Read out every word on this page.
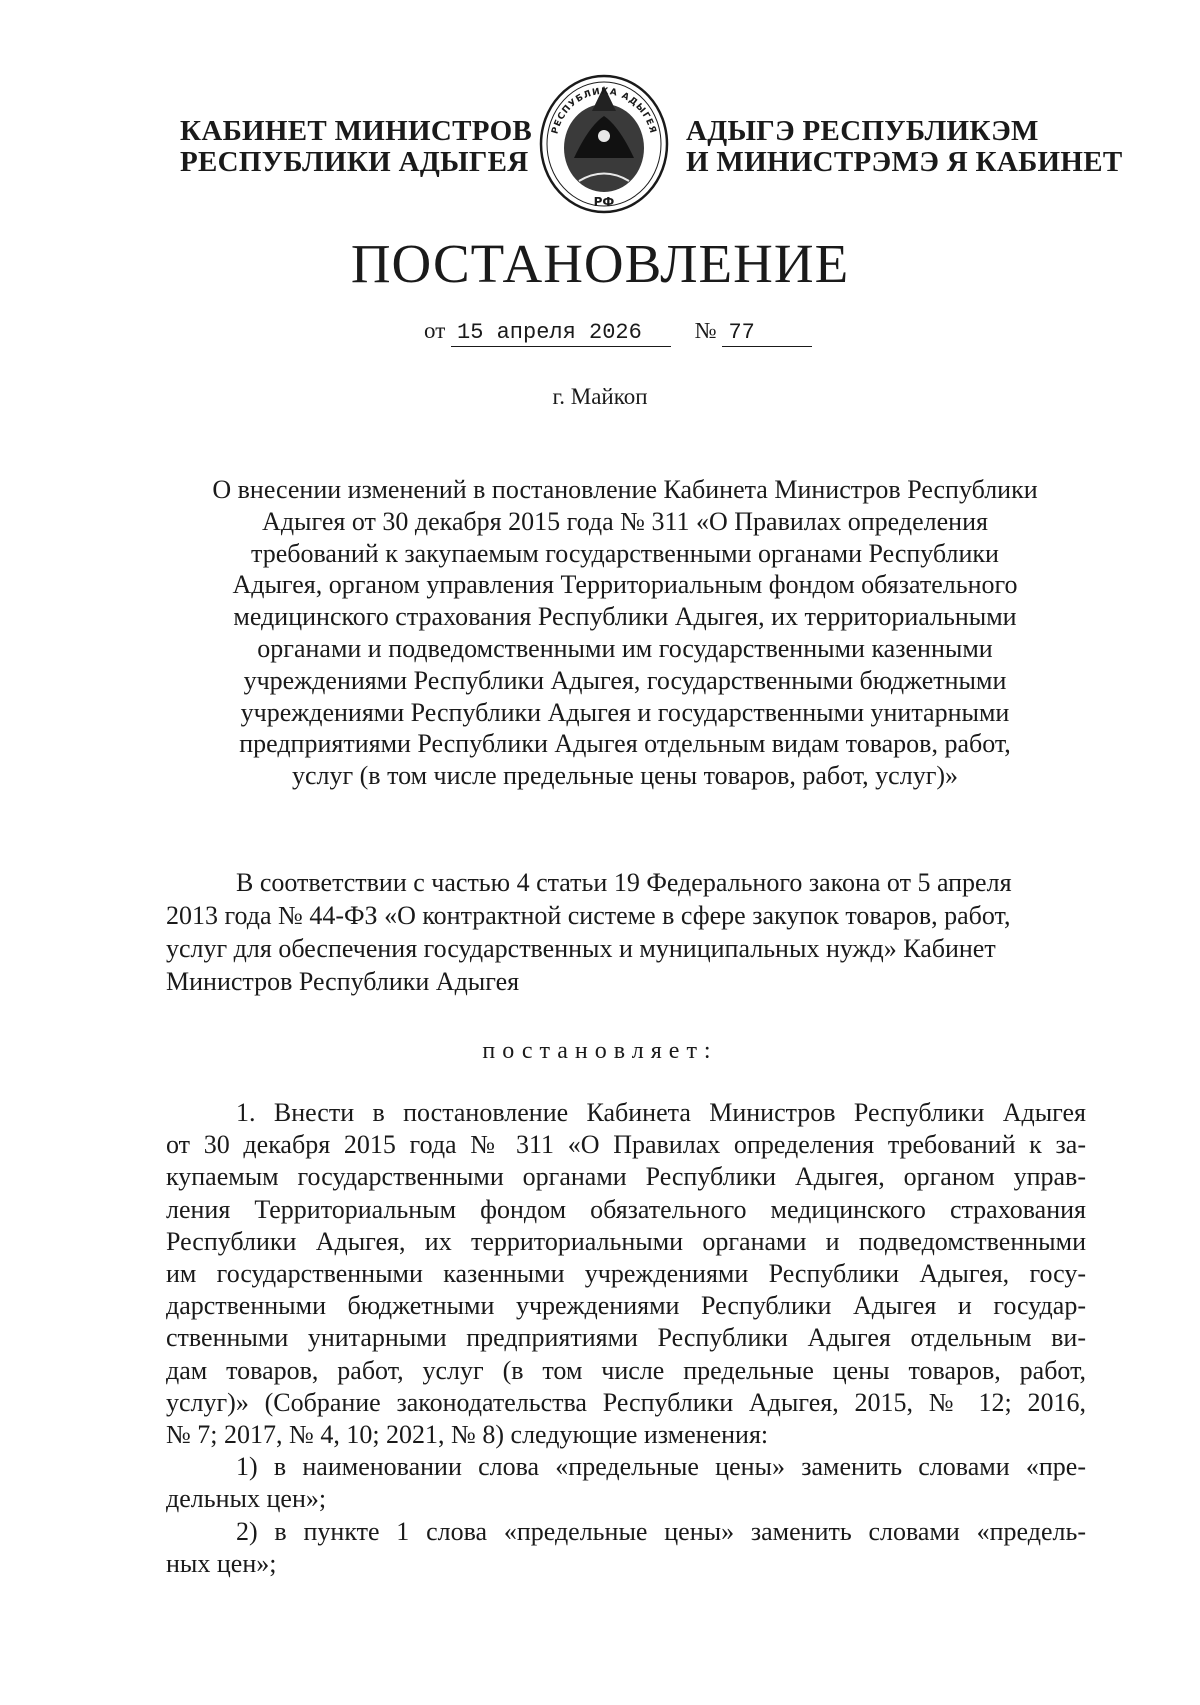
КАБИНЕТ МИНИСТРОВ
РЕСПУБЛИКИ АДЫГЕЯ
РЕСПУБЛИКА АДЫГЕЯ
РФ
АДЫГЭ РЕСПУБЛИКЭМ
И МИНИСТРЭМЭ Я КАБИНЕТ
ПОСТАНОВЛЕНИЕ
от 15 апреля 2026 № 77
г. Майкоп
О внесении изменений в постановление Кабинета Министров Республики
Адыгея от 30 декабря 2015 года № 311 «О Правилах определения
требований к закупаемым государственными органами Республики
Адыгея, органом управления Территориальным фондом обязательного
медицинского страхования Республики Адыгея, их территориальными
органами и подведомственными им государственными казенными
учреждениями Республики Адыгея, государственными бюджетными
учреждениями Республики Адыгея и государственными унитарными
предприятиями Республики Адыгея отдельным видам товаров, работ,
услуг (в том числе предельные цены товаров, работ, услуг)»
В соответствии с частью 4 статьи 19 Федерального закона от 5 апреля
2013 года № 44-ФЗ «О контрактной системе в сфере закупок товаров, работ,
услуг для обеспечения государственных и муниципальных нужд» Кабинет
Министров Республики Адыгея
постановляет:
1. Внести в постановление Кабинета Министров Республики Адыгея
от 30 декабря 2015 года № 311 «О Правилах определения требований к за-
купаемым государственными органами Республики Адыгея, органом управ-
ления Территориальным фондом обязательного медицинского страхования
Республики Адыгея, их территориальными органами и подведомственными
им государственными казенными учреждениями Республики Адыгея, госу-
дарственными бюджетными учреждениями Республики Адыгея и государ-
ственными унитарными предприятиями Республики Адыгея отдельным ви-
дам товаров, работ, услуг (в том числе предельные цены товаров, работ,
услуг)» (Собрание законодательства Республики Адыгея, 2015, № 12; 2016,
№ 7; 2017, № 4, 10; 2021, № 8) следующие изменения:
1) в наименовании слова «предельные цены» заменить словами «пре-
дельных цен»;
2) в пункте 1 слова «предельные цены» заменить словами «предель-
ных цен»;
